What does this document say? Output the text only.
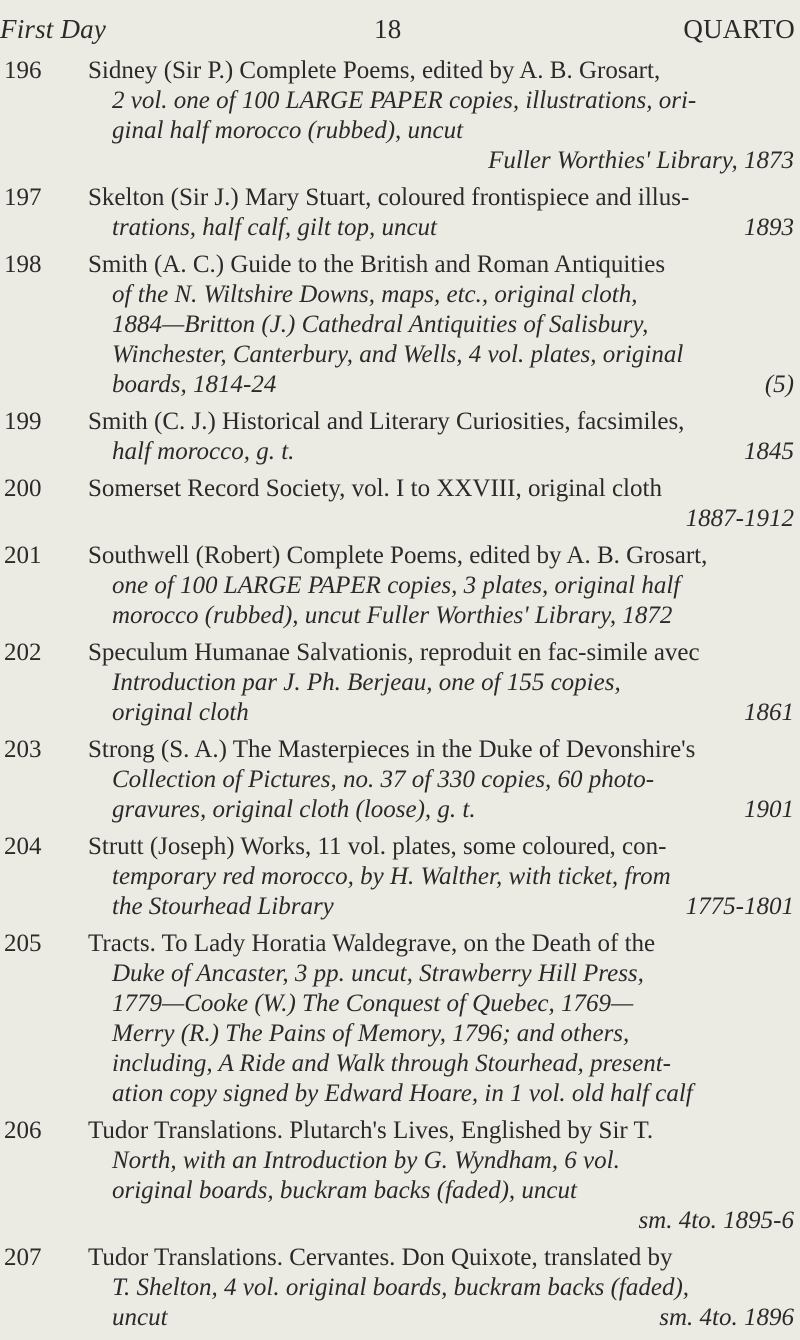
First Day	18	QUARTO
196 Sidney (Sir P.) Complete Poems, edited by A. B. Grosart,
2 vol. one of 100 LARGE PAPER copies, illustrations, ori-
ginal half morocco (rubbed), uncut
Fuller Worthies' Library, 1873
197 Skelton (Sir J.) Mary Stuart, coloured frontispiece and illus-
trations, half calf, gilt top, uncut	1893
198 Smith (A. C.) Guide to the British and Roman Antiquities
of the N. Wiltshire Downs, maps, etc., original cloth,
1884—Britton (J.) Cathedral Antiquities of Salisbury,
Winchester, Canterbury, and Wells, 4 vol. plates, original
boards, 1814-24	(5)
199 Smith (C. J.) Historical and Literary Curiosities, facsimiles,
half morocco, g. t.	1845
200 Somerset Record Society, vol. I to XXVIII, original cloth
1887-1912
201 Southwell (Robert) Complete Poems, edited by A. B. Grosart,
one of 100 LARGE PAPER copies, 3 plates, original half
morocco (rubbed), uncut Fuller Worthies' Library, 1872
202 Speculum Humanae Salvationis, reproduit en fac-simile avec
Introduction par J. Ph. Berjeau, one of 155 copies,
original cloth	1861
203 Strong (S. A.) The Masterpieces in the Duke of Devonshire's
Collection of Pictures, no. 37 of 330 copies, 60 photo-
gravures, original cloth (loose), g. t.	1901
204 Strutt (Joseph) Works, 11 vol. plates, some coloured, con-
temporary red morocco, by H. Walther, with ticket, from
the Stourhead Library	1775-1801
205 Tracts. To Lady Horatia Waldegrave, on the Death of the
Duke of Ancaster, 3 pp. uncut, Strawberry Hill Press,
1779—Cooke (W.) The Conquest of Quebec, 1769—
Merry (R.) The Pains of Memory, 1796; and others,
including, A Ride and Walk through Stourhead, present-
ation copy signed by Edward Hoare, in 1 vol. old half calf
206 Tudor Translations. Plutarch's Lives, Englished by Sir T.
North, with an Introduction by G. Wyndham, 6 vol.
original boards, buckram backs (faded), uncut
sm. 4to. 1895-6
207 Tudor Translations. Cervantes. Don Quixote, translated by
T. Shelton, 4 vol. original boards, buckram backs (faded),
uncut	sm. 4to. 1896
